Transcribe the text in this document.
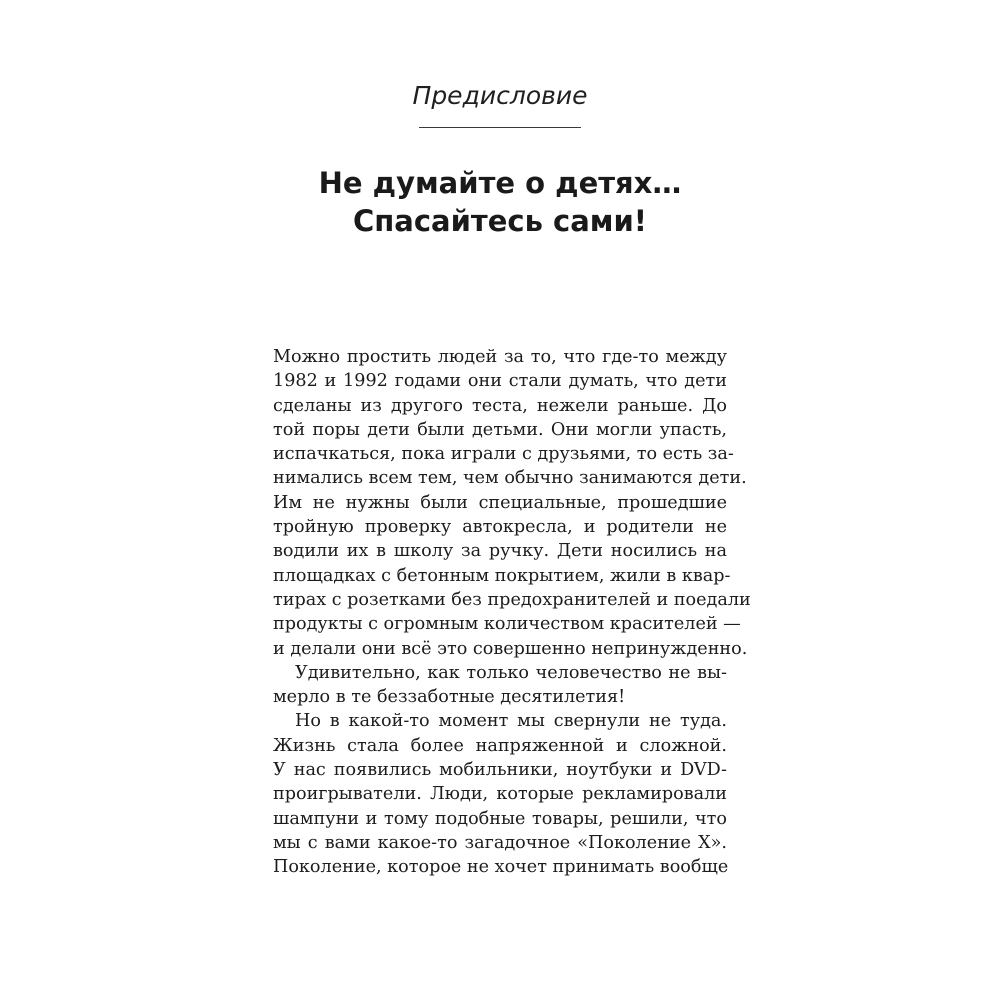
Предисловие
Не думайте о детях…
Спасайтесь сами!
Можно простить людей за то, что где-то между
1982 и 1992 годами они стали думать, что дети
сделаны из другого теста, нежели раньше. До
той поры дети были детьми. Они могли упасть,
испачкаться, пока играли с друзьями, то есть за-
нимались всем тем, чем обычно занимаются дети.
Им не нужны были специальные, прошедшие
тройную проверку автокресла, и родители не
водили их в школу за ручку. Дети носились на
площадках с бетонным покрытием, жили в квар-
тирах с розетками без предохранителей и поедали
продукты с огромным количеством красителей —
и делали они всё это совершенно непринужденно.
Удивительно, как только человечество не вы-
мерло в те беззаботные десятилетия!
Но в какой-то момент мы свернули не туда.
Жизнь стала более напряженной и сложной.
У нас появились мобильники, ноутбуки и DVD-
проигрыватели. Люди, которые рекламировали
шампуни и тому подобные товары, решили, что
мы с вами какое-то загадочное «Поколение X».
Поколение, которое не хочет принимать вообще
